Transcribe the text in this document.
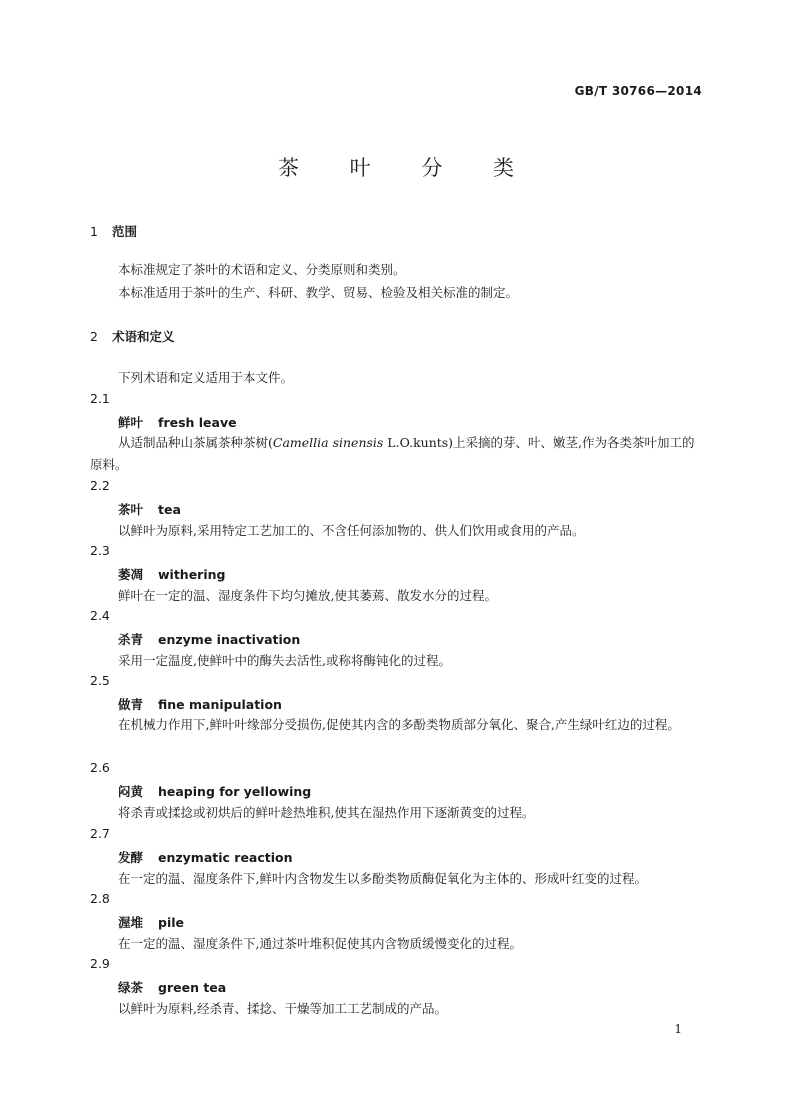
GB/T 30766—2014
茶 叶 分 类
1 范围
本标准规定了茶叶的术语和定义、分类原则和类别。
本标准适用于茶叶的生产、科研、教学、贸易、检验及相关标准的制定。
2 术语和定义
下列术语和定义适用于本文件。
2.1
鲜叶 fresh leave
从适制品种山茶属茶种茶树(Camellia sinensis L.O.kunts)上采摘的芽、叶、嫩茎,作为各类茶叶加工的原料。
2.2
茶叶 tea
以鲜叶为原料,采用特定工艺加工的、不含任何添加物的、供人们饮用或食用的产品。
2.3
萎凋 withering
鲜叶在一定的温、湿度条件下均匀摊放,使其萎蔫、散发水分的过程。
2.4
杀青 enzyme inactivation
采用一定温度,使鲜叶中的酶失去活性,或称将酶钝化的过程。
2.5
做青 fine manipulation
在机械力作用下,鲜叶叶缘部分受损伤,促使其内含的多酚类物质部分氧化、聚合,产生绿叶红边的过程。
2.6
闷黄 heaping for yellowing
将杀青或揉捻或初烘后的鲜叶趁热堆积,使其在湿热作用下逐渐黄变的过程。
2.7
发酵 enzymatic reaction
在一定的温、湿度条件下,鲜叶内含物发生以多酚类物质酶促氧化为主体的、形成叶红变的过程。
2.8
渥堆 pile
在一定的温、湿度条件下,通过茶叶堆积促使其内含物质缓慢变化的过程。
2.9
绿茶 green tea
以鲜叶为原料,经杀青、揉捻、干燥等加工工艺制成的产品。
1
